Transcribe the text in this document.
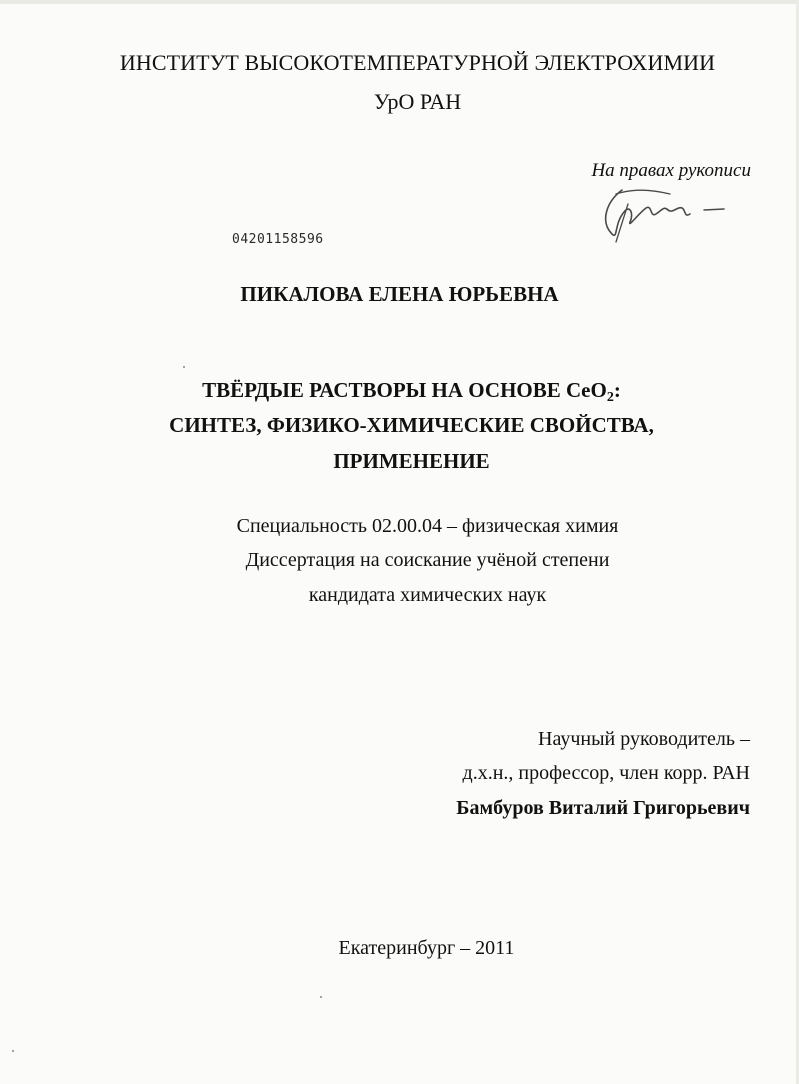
ИНСТИТУТ ВЫСОКОТЕМПЕРАТУРНОЙ ЭЛЕКТРОХИМИИ
УрО РАН
На правах рукописи
04201158596
ПИКАЛОВА ЕЛЕНА ЮРЬЕВНА
ТВЁРДЫЕ РАСТВОРЫ НА ОСНОВЕ CeO$_2$:
СИНТЕЗ, ФИЗИКО-ХИМИЧЕСКИЕ СВОЙСТВА,
ПРИМЕНЕНИЕ
Специальность 02.00.04 – физическая химия
Диссертация на соискание учёной степени
кандидата химических наук
Научный руководитель –
д.х.н., профессор, член корр. РАН
Бамбуров Виталий Григорьевич
Екатеринбург – 2011
